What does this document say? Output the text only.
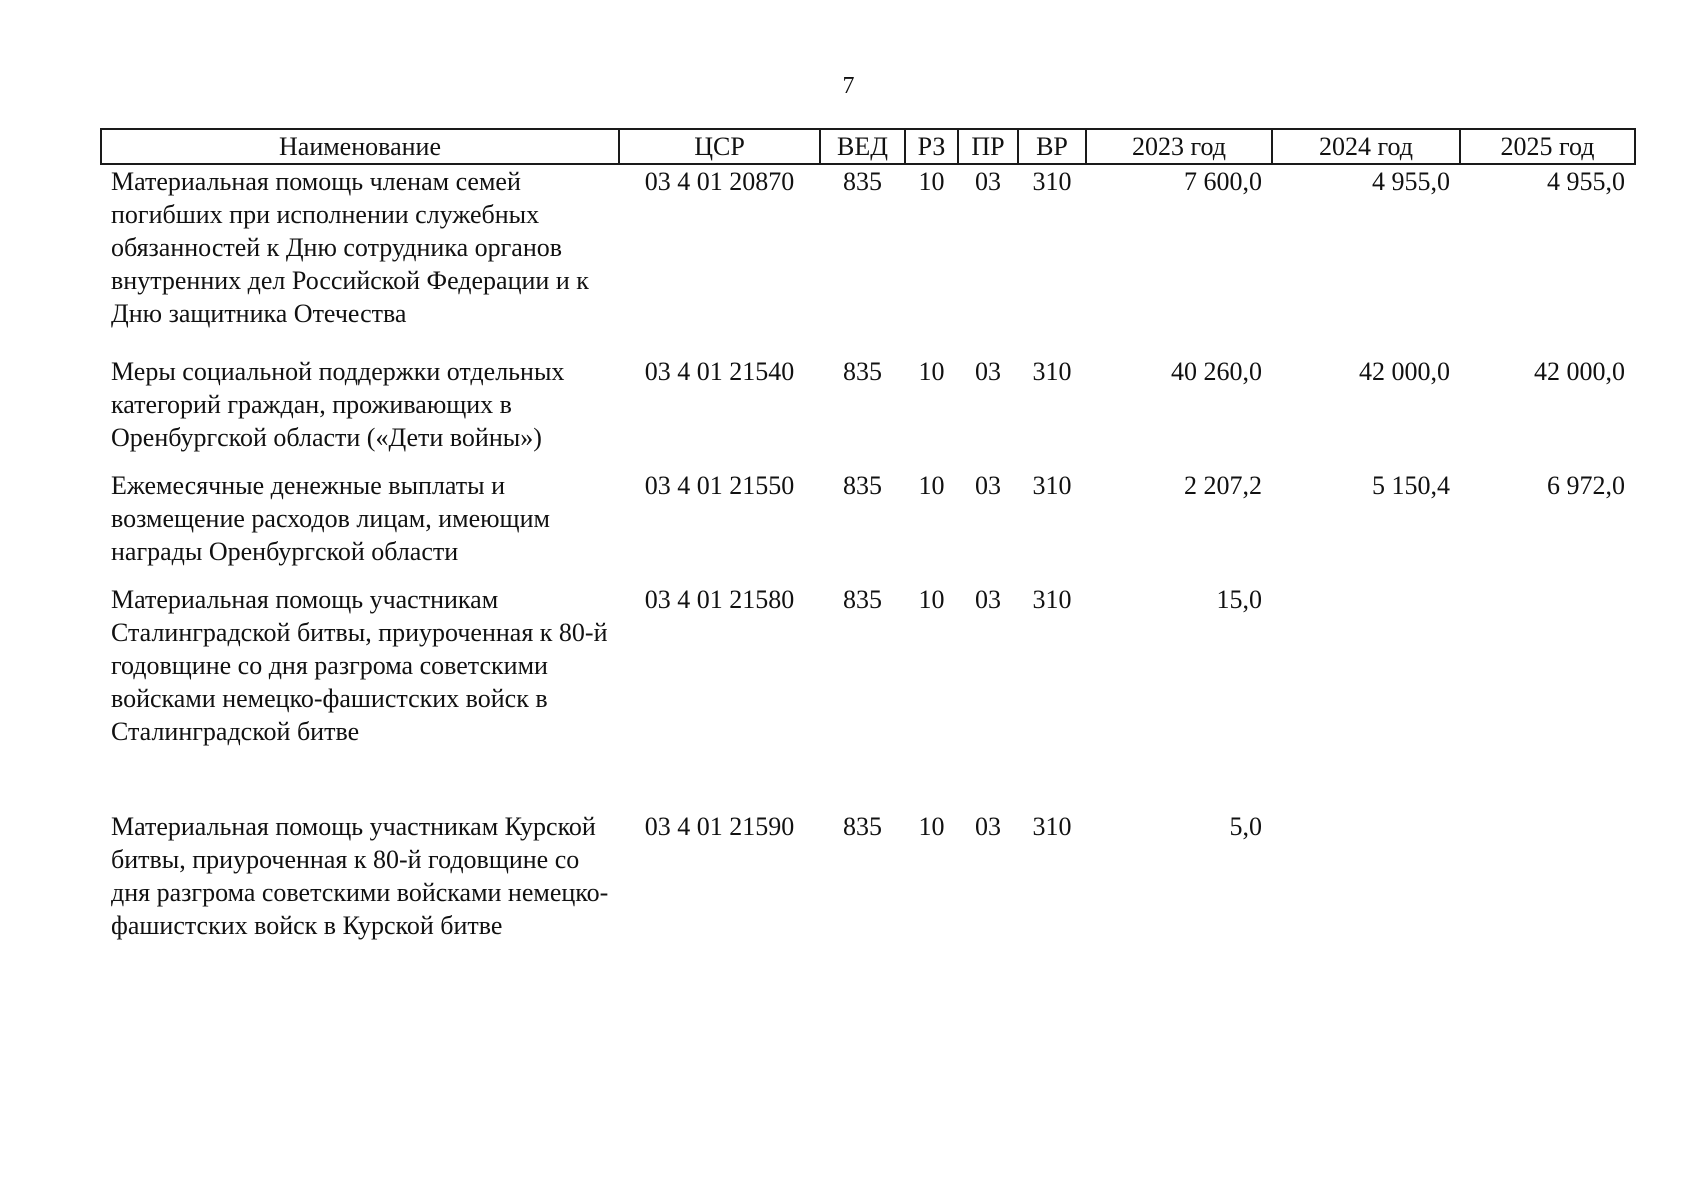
7
Наименование	ЦСР	ВЕД	РЗ	ПР	ВР	2023 год	2024 год	2025 год
Материальная помощь членам семей погибших при исполнении служебных обязанностей к Дню сотрудника органов внутренних дел Российской Федерации и к Дню защитника Отечества	03 4 01 20870	835	10	03	310	7 600,0	4 955,0	4 955,0
Меры социальной поддержки отдельных категорий граждан, проживающих в Оренбургской области («Дети войны»)	03 4 01 21540	835	10	03	310	40 260,0	42 000,0	42 000,0
Ежемесячные денежные выплаты и возмещение расходов лицам, имеющим награды Оренбургской области	03 4 01 21550	835	10	03	310	2 207,2	5 150,4	6 972,0
Материальная помощь участникам Сталинградской битвы, приуроченная к 80-й годовщине со дня разгрома советскими войсками немецко-фашистских войск в Сталинградской битве	03 4 01 21580	835	10	03	310	15,0		
Материальная помощь участникам Курской битвы, приуроченная к 80-й годовщине со дня разгрома советскими войсками немецко-фашистских войск в Курской битве	03 4 01 21590	835	10	03	310	5,0		
